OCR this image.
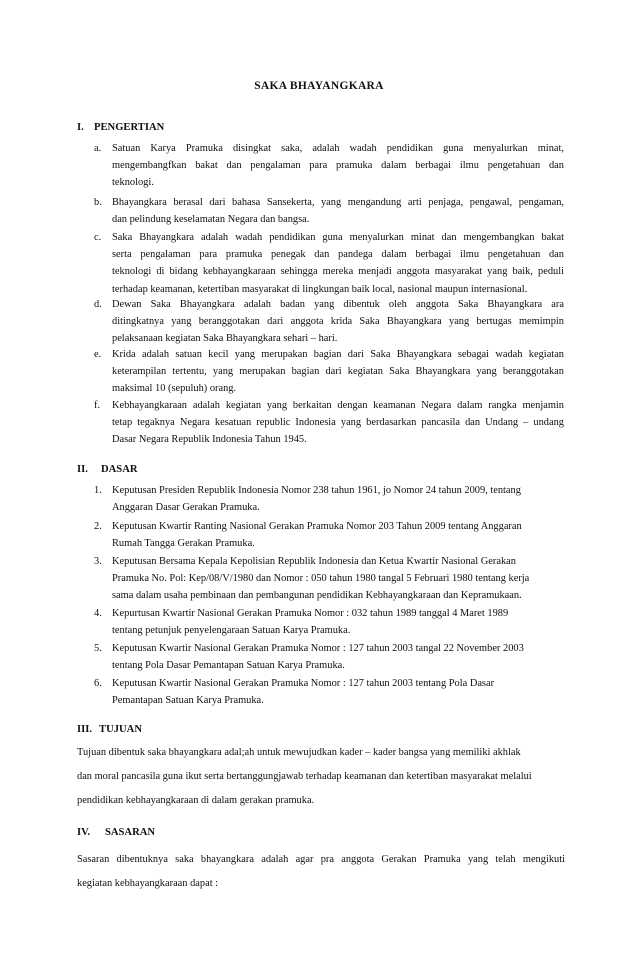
SAKA BHAYANGKARA
I. PENGERTIAN
a.	Satuan Karya Pramuka disingkat saka, adalah wadah pendidikan guna menyalurkan minat,
mengembangfkan bakat dan pengalaman para pramuka dalam berbagai ilmu pengetahuan dan
teknologi.
b. Bhayangkara berasal dari bahasa Sansekerta, yang mengandung arti penjaga, pengawal, pengaman,
dan pelindung keselamatan Negara dan bangsa.
c.	Saka Bhayangkara adalah wadah pendidikan guna menyalurkan minat dan mengembangkan bakat
serta pengalaman para pramuka penegak dan pandega dalam berbagai ilmu pengetahuan dan
teknologi di bidang kebhayangkaraan sehingga mereka menjadi anggota masyarakat yang baik, peduli
terhadap keamanan, ketertiban masyarakat di lingkungan baik local, nasional maupun internasional.
d. Dewan Saka Bhayangkara adalah badan yang dibentuk oleh anggota Saka Bhayangkara ara
ditingkatnya yang beranggotakan dari anggota krida Saka Bhayangkara yang bertugas memimpin
pelaksanaan kegiatan Saka Bhayangkara sehari – hari.
e.	Krida adalah satuan kecil yang merupakan bagian dari Saka Bhayangkara sebagai wadah kegiatan
keterampilan tertentu, yang merupakan bagian dari kegiatan Saka Bhayangkara yang beranggotakan
maksimal 10 (sepuluh) orang.
f.	Kebhayangkaraan adalah kegiatan yang berkaitan dengan keamanan Negara dalam rangka menjamin
tetap tegaknya Negara kesatuan republic Indonesia yang berdasarkan pancasila dan Undang – undang
Dasar Negara Republik Indonesia Tahun 1945.
II. DASAR
1. Keputusan Presiden Republik Indonesia Nomor 238 tahun 1961, jo Nomor 24 tahun 2009, tentang
Anggaran Dasar Gerakan Pramuka.
2. Keputusan Kwartir Ranting Nasional Gerakan Pramuka Nomor 203 Tahun 2009 tentang Anggaran
Rumah Tangga Gerakan Pramuka.
3. Keputusan Bersama Kepala Kepolisian Republik Indonesia dan Ketua Kwartir Nasional Gerakan
Pramuka No. Pol: Kep/08/V/1980 dan Nomor : 050 tahun 1980 tangal 5 Februari 1980 tentang kerja
sama dalam usaha pembinaan dan pembangunan pendidikan Kebhayangkaraan dan Kepramukaan.
4. Kepurtusan Kwartir Nasional Gerakan Pramuka Nomor : 032 tahun 1989 tanggal 4 Maret 1989
tentang petunjuk penyelengaraan Satuan Karya Pramuka.
5. Keputusan Kwartir Nasional Gerakan Pramuka Nomor : 127 tahun 2003 tangal 22 November 2003
tentang Pola Dasar Pemantapan Satuan Karya Pramuka.
6. Keputusan Kwartir Nasional Gerakan Pramuka Nomor : 127 tahun 2003 tentang Pola Dasar
Pemantapan Satuan Karya Pramuka.
III. TUJUAN
Tujuan dibentuk saka bhayangkara adal;ah untuk mewujudkan kader – kader bangsa yang memiliki akhlak
dan moral pancasila guna ikut serta bertanggungjawab terhadap keamanan dan ketertiban masyarakat melalui
pendidikan kebhayangkaraan di dalam gerakan pramuka.
IV. SASARAN
Sasaran dibentuknya saka bhayangkara adalah agar pra anggota Gerakan Pramuka yang telah mengikuti
kegiatan kebhayangkaraan dapat :
